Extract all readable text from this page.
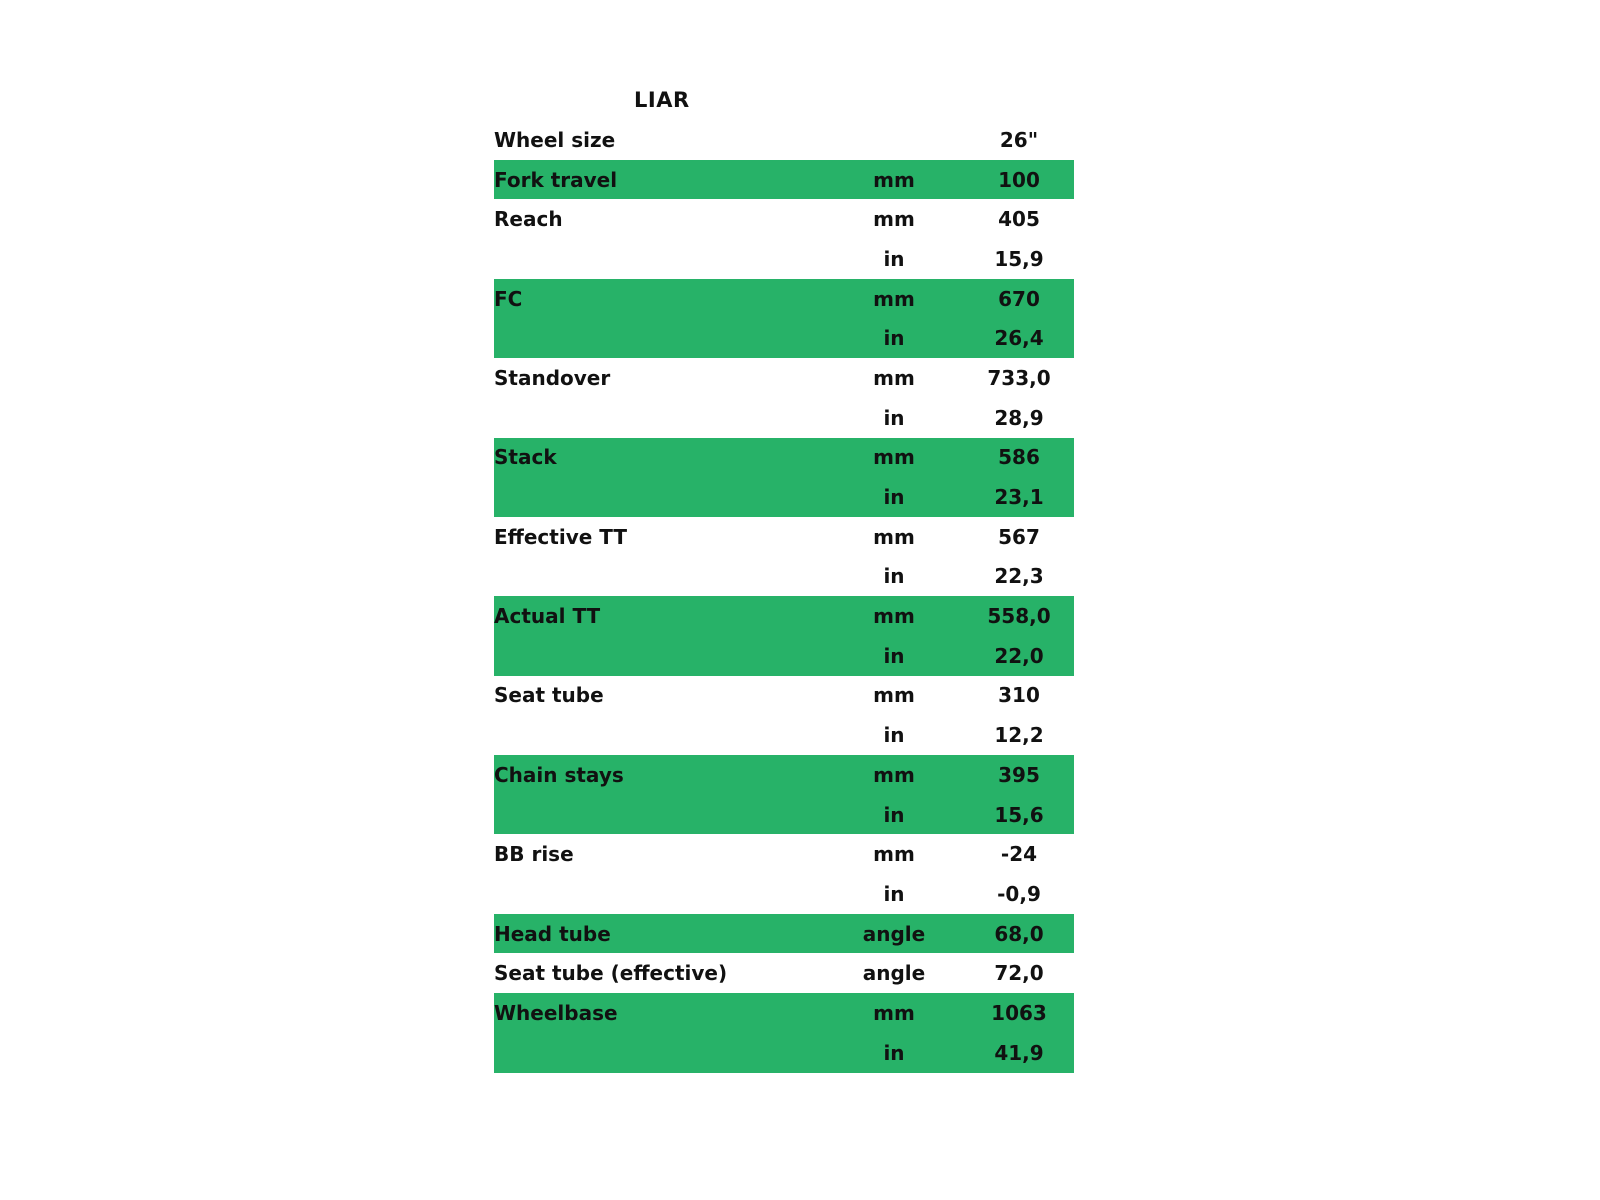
LIAR
Wheel size		26"
Fork travel	mm	100
Reach	mm	405
	in	15,9
FC	mm	670
	in	26,4
Standover	mm	733,0
	in	28,9
Stack	mm	586
	in	23,1
Effective TT	mm	567
	in	22,3
Actual TT	mm	558,0
	in	22,0
Seat tube	mm	310
	in	12,2
Chain stays	mm	395
	in	15,6
BB rise	mm	-24
	in	-0,9
Head tube	angle	68,0
Seat tube (effective)	angle	72,0
Wheelbase	mm	1063
	in	41,9
